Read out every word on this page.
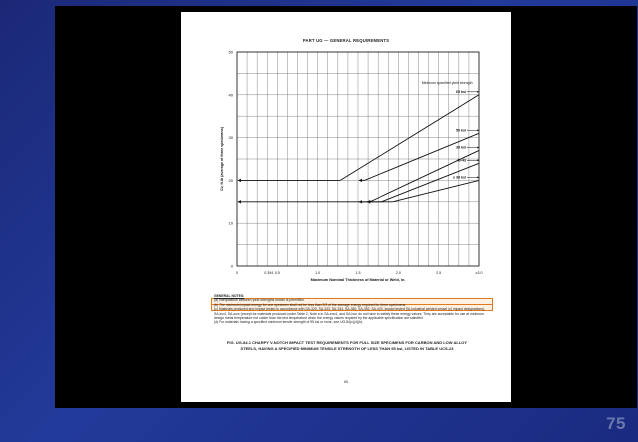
PART UG — GENERAL REQUIREMENTS
0
10
20
30
40
50
0	0.394 0.5	1.0	1.5	2.0	2.5	≥3.0
Maximum Nominal Thickness of Material or Weld, in.
Cv, ft-lb (average of three specimens)
Minimum specified yield strength
65 ksi
50 ksi
38 ksi
40-43
≤ 38 ksi
GENERAL NOTES:
(a) Interpolation between yield strengths shown is permitted.
(b) The minimum impact energy for one specimen shall not be less than 2/3 of the average energy required for three specimens.
(c) Materials produced and impact tested in accordance with SA-320, SA-333, SA-334, SA-350, SA-352, SA-420, impact tested SA-industrial welded vessel (c) impact designations), SA-inc4, SA-woo (except for materials produced under Table 2, Note a in SA-eno1, and SA-hoo do not have to satisfy these energy values. They are acceptable for use at minimum design metal temperature not colder than the test temperature when the energy values required by the applicable specification are satisfied.
(d) For materials having a specified minimum tensile strength of 95 ksi or more, see UG-84(c)(4)(b).
FIG. UG-84.1 CHARPY V-NOTCH IMPACT TEST REQUIREMENTS FOR FULL SIZE SPECIMENS FOR CARBON AND LOW ALLOY STEELS, HAVING A SPECIFIED MINIMUM TENSILE STRENGTH OF LESS THAN 95 ksi, LISTED IN TABLE UCS-23
65
75
